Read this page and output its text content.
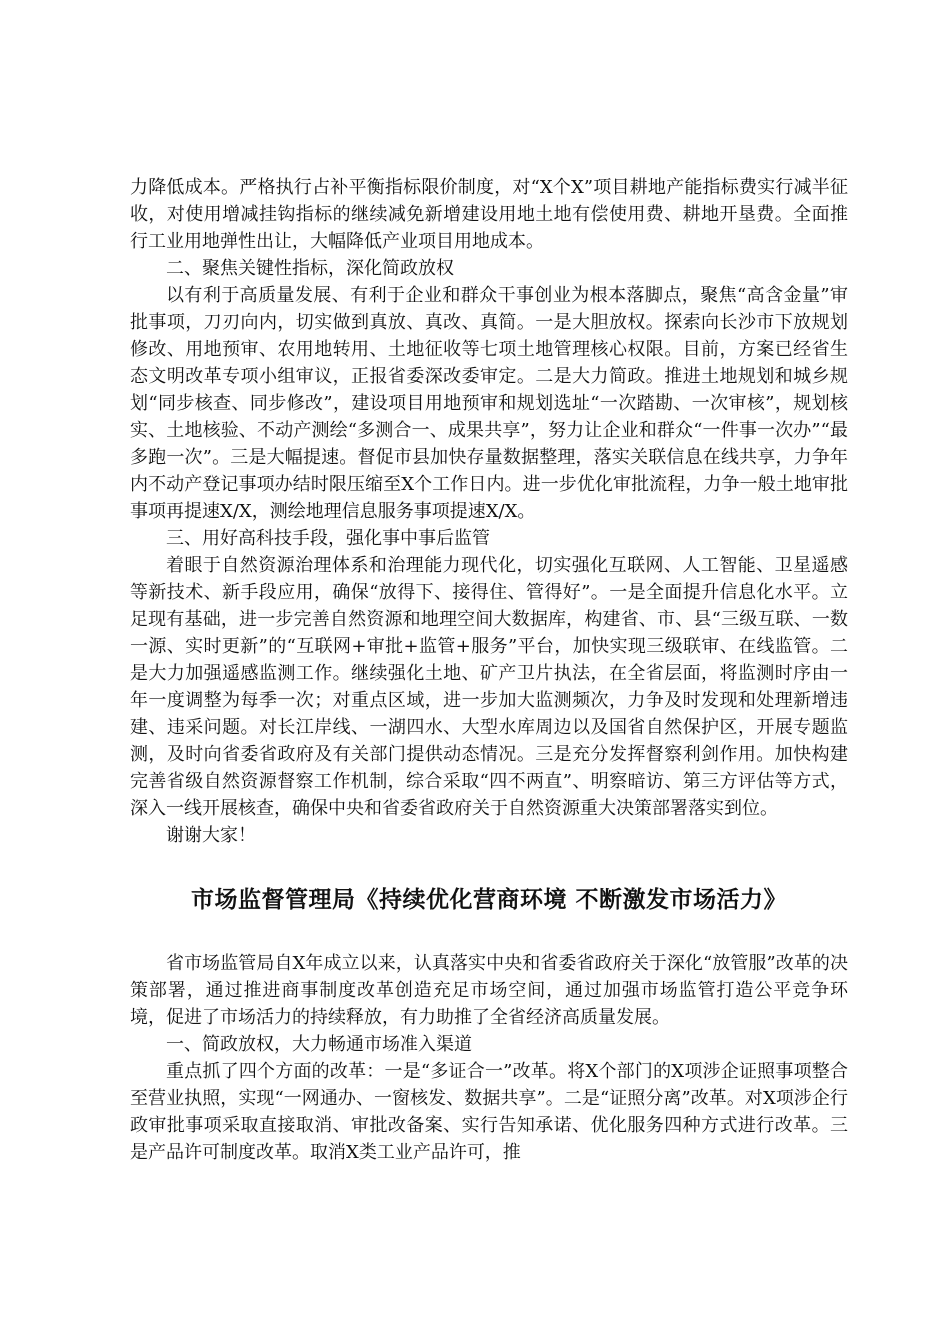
力降低成本。严格执行占补平衡指标限价制度，对“X个X”项目耕地产能指标费实行减半征收，对使用增减挂钩指标的继续减免新增建设用地土地有偿使用费、耕地开垦费。全面推行工业用地弹性出让，大幅降低产业项目用地成本。

二、聚焦关键性指标，深化简政放权

以有利于高质量发展、有利于企业和群众干事创业为根本落脚点，聚焦“高含金量”审批事项，刀刃向内，切实做到真放、真改、真简。一是大胆放权。探索向长沙市下放规划修改、用地预审、农用地转用、土地征收等七项土地管理核心权限。目前，方案已经省生态文明改革专项小组审议，正报省委深改委审定。二是大力简政。推进土地规划和城乡规划“同步核查、同步修改”，建设项目用地预审和规划选址“一次踏勘、一次审核”，规划核实、土地核验、不动产测绘“多测合一、成果共享”，努力让企业和群众“一件事一次办”“最多跑一次”。三是大幅提速。督促市县加快存量数据整理，落实关联信息在线共享，力争年内不动产登记事项办结时限压缩至X个工作日内。进一步优化审批流程，力争一般土地审批事项再提速X/X，测绘地理信息服务事项提速X/X。

三、用好高科技手段，强化事中事后监管

着眼于自然资源治理体系和治理能力现代化，切实强化互联网、人工智能、卫星遥感等新技术、新手段应用，确保“放得下、接得住、管得好”。一是全面提升信息化水平。立足现有基础，进一步完善自然资源和地理空间大数据库，构建省、市、县“三级互联、一数一源、实时更新”的“互联网+审批+监管+服务”平台，加快实现三级联审、在线监管。二是大力加强遥感监测工作。继续强化土地、矿产卫片执法，在全省层面，将监测时序由一年一度调整为每季一次；对重点区域，进一步加大监测频次，力争及时发现和处理新增违建、违采问题。对长江岸线、一湖四水、大型水库周边以及国省自然保护区，开展专题监测，及时向省委省政府及有关部门提供动态情况。三是充分发挥督察利剑作用。加快构建完善省级自然资源督察工作机制，综合采取“四不两直”、明察暗访、第三方评估等方式，深入一线开展核查，确保中央和省委省政府关于自然资源重大决策部署落实到位。

谢谢大家！

市场监督管理局《持续优化营商环境 不断激发市场活力》

省市场监管局自X年成立以来，认真落实中央和省委省政府关于深化“放管服”改革的决策部署，通过推进商事制度改革创造充足市场空间，通过加强市场监管打造公平竞争环境，促进了市场活力的持续释放，有力助推了全省经济高质量发展。

一、简政放权，大力畅通市场准入渠道

重点抓了四个方面的改革：一是“多证合一”改革。将X个部门的X项涉企证照事项整合至营业执照，实现“一网通办、一窗核发、数据共享”。二是“证照分离”改革。对X项涉企行政审批事项采取直接取消、审批改备案、实行告知承诺、优化服务四种方式进行改革。三是产品许可制度改革。取消X类工业产品许可，推
